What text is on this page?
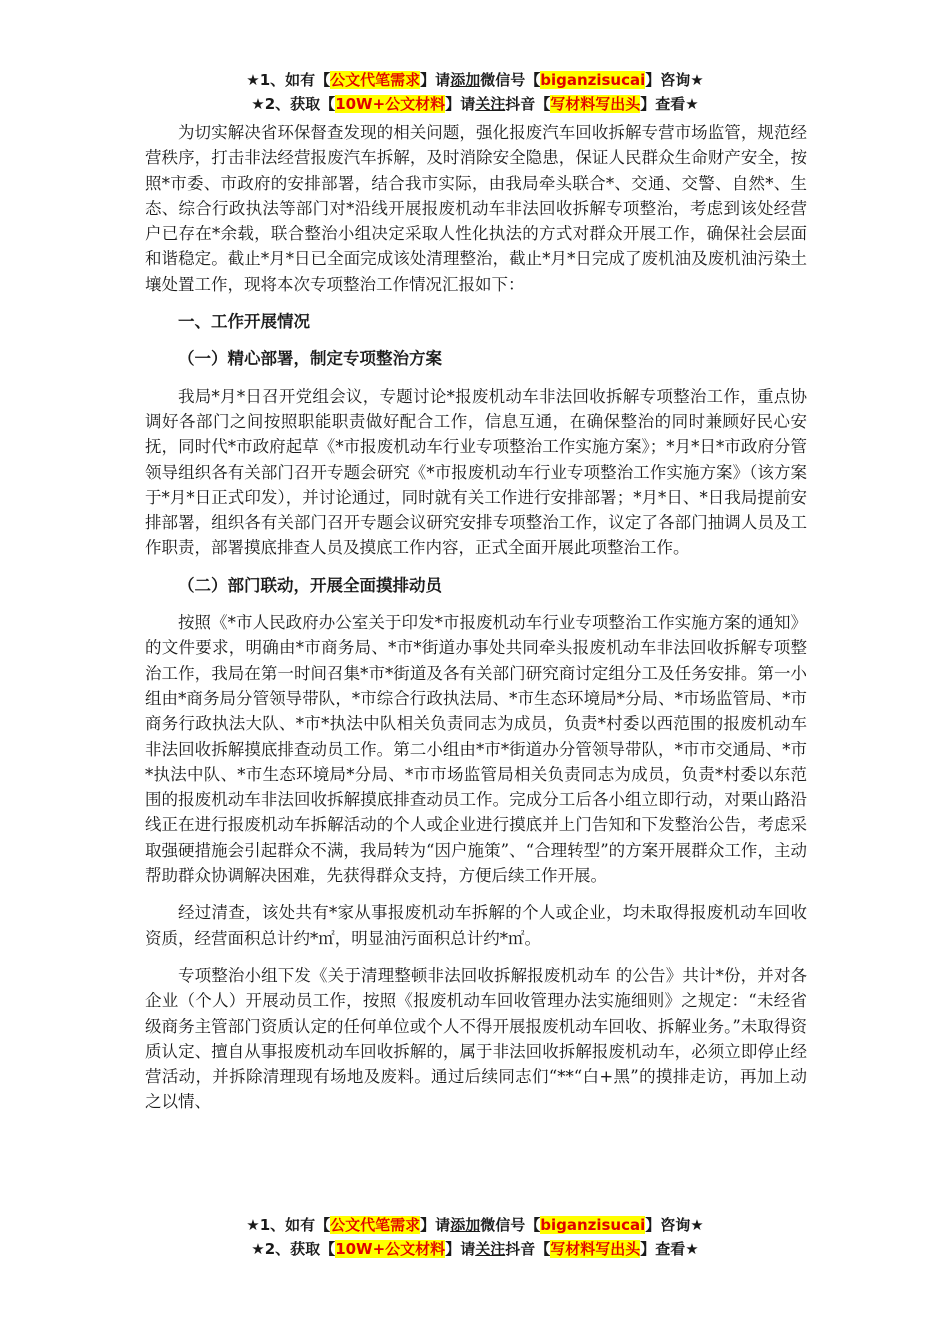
★1、如有【公文代笔需求】请添加微信号【biganzisucai】咨询★
★2、获取【10W+公文材料】请关注抖音【写材料写出头】查看★

为切实解决省环保督查发现的相关问题，强化报废汽车回收拆解专营市场监管，规范经营秩序，打击非法经营报废汽车拆解，及时消除安全隐患，保证人民群众生命财产安全，按照*市委、市政府的安排部署，结合我市实际，由我局牵头联合*、交通、交警、自然*、生态、综合行政执法等部门对*沿线开展报废机动车非法回收拆解专项整治，考虑到该处经营户已存在*余载，联合整治小组决定采取人性化执法的方式对群众开展工作，确保社会层面和谐稳定。截止*月*日已全面完成该处清理整治，截止*月*日完成了废机油及废机油污染土壤处置工作，现将本次专项整治工作情况汇报如下：

一、工作开展情况
（一）精心部署，制定专项整治方案

我局*月*日召开党组会议，专题讨论*报废机动车非法回收拆解专项整治工作，重点协调好各部门之间按照职能职责做好配合工作，信息互通，在确保整治的同时兼顾好民心安抚，同时代*市政府起草《*市报废机动车行业专项整治工作实施方案》；*月*日*市政府分管领导组织各有关部门召开专题会研究《*市报废机动车行业专项整治工作实施方案》（该方案于*月*日正式印发），并讨论通过，同时就有关工作进行安排部署；*月*日、*日我局提前安排部署，组织各有关部门召开专题会议研究安排专项整治工作，议定了各部门抽调人员及工作职责，部署摸底排查人员及摸底工作内容，正式全面开展此项整治工作。

（二）部门联动，开展全面摸排动员

按照《*市人民政府办公室关于印发*市报废机动车行业专项整治工作实施方案的通知》的文件要求，明确由*市商务局、*市*街道办事处共同牵头报废机动车非法回收拆解专项整治工作，我局在第一时间召集*市*街道及各有关部门研究商讨定组分工及任务安排。第一小组由*商务局分管领导带队，*市综合行政执法局、*市生态环境局*分局、*市场监管局、*市商务行政执法大队、*市*执法中队相关负责同志为成员，负责*村委以西范围的报废机动车非法回收拆解摸底排查动员工作。第二小组由*市*街道办分管领导带队，*市市交通局、*市*执法中队、*市生态环境局*分局、*市市场监管局相关负责同志为成员，负责*村委以东范围的报废机动车非法回收拆解摸底排查动员工作。完成分工后各小组立即行动，对栗山路沿线正在进行报废机动车拆解活动的个人或企业进行摸底并上门告知和下发整治公告，考虑采取强硬措施会引起群众不满，我局转为“因户施策”、“合理转型”的方案开展群众工作，主动帮助群众协调解决困难，先获得群众支持，方便后续工作开展。

经过清查，该处共有*家从事报废机动车拆解的个人或企业，均未取得报废机动车回收资质，经营面积总计约*㎡，明显油污面积总计约*㎡。

专项整治小组下发《关于清理整顿非法回收拆解报废机动车 的公告》共计*份，并对各企业（个人）开展动员工作，按照《报废机动车回收管理办法实施细则》之规定：“未经省级商务主管部门资质认定的任何单位或个人不得开展报废机动车回收、拆解业务。”未取得资质认定、擅自从事报废机动车回收拆解的，属于非法回收拆解报废机动车，必须立即停止经营活动，并拆除清理现有场地及废料。通过后续同志们“**“白+黑”的摸排走访，再加上动之以情、

★1、如有【公文代笔需求】请添加微信号【biganzisucai】咨询★
★2、获取【10W+公文材料】请关注抖音【写材料写出头】查看★
